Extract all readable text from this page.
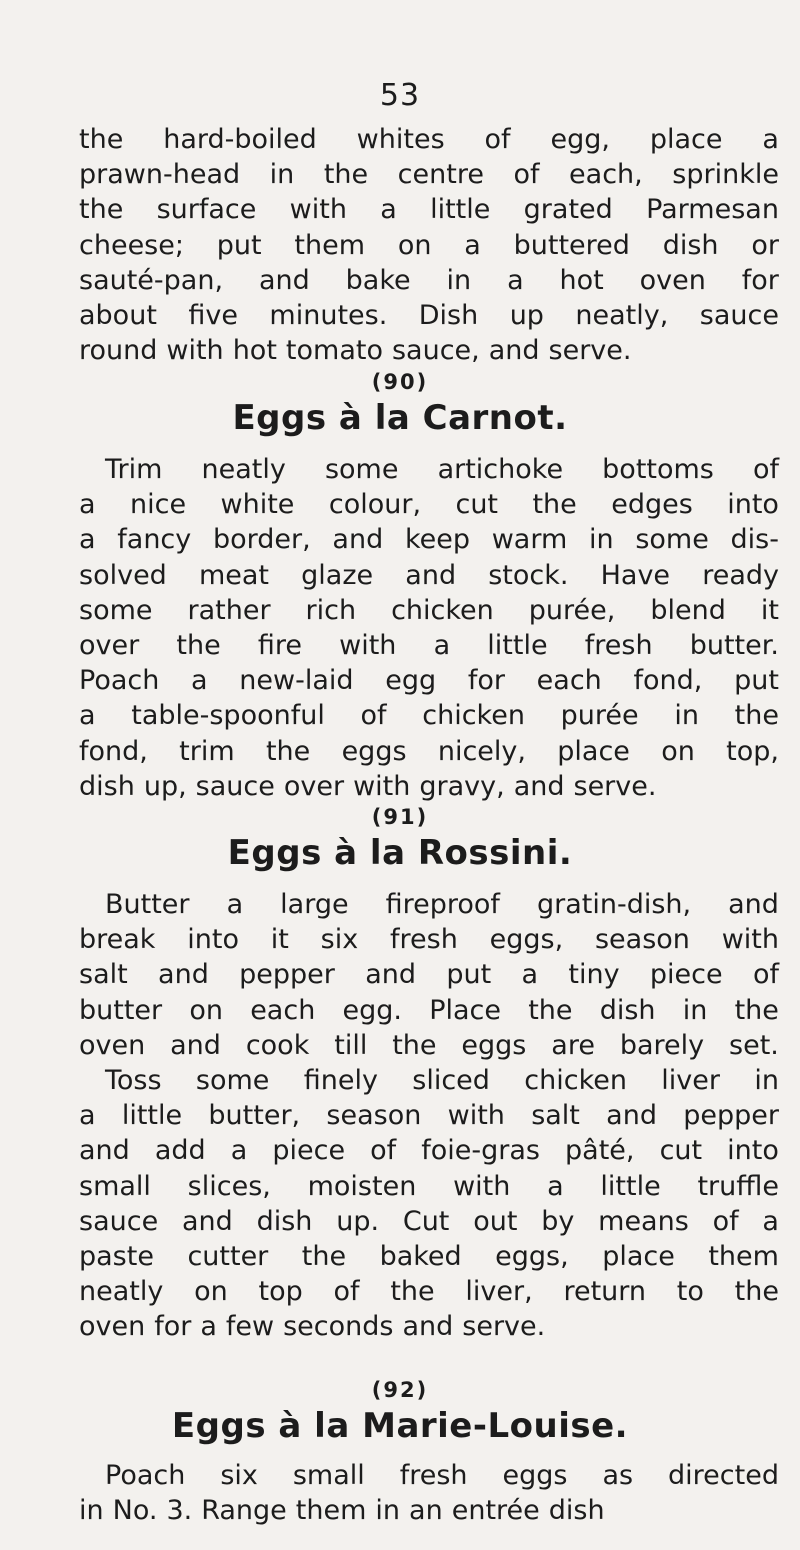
53
the hard-boiled whites of egg, place a
prawn-head in the centre of each, sprinkle
the surface with a little grated Parmesan
cheese; put them on a buttered dish or
sauté-pan, and bake in a hot oven for
about five minutes. Dish up neatly, sauce
round with hot tomato sauce, and serve.
(90)
Eggs à la Carnot.
Trim neatly some artichoke bottoms of
a nice white colour, cut the edges into
a fancy border, and keep warm in some dis-
solved meat glaze and stock. Have ready
some rather rich chicken purée, blend it
over the fire with a little fresh butter.
Poach a new-laid egg for each fond, put
a table-spoonful of chicken purée in the
fond, trim the eggs nicely, place on top,
dish up, sauce over with gravy, and serve.
(91)
Eggs à la Rossini.
Butter a large fireproof gratin-dish, and
break into it six fresh eggs, season with
salt and pepper and put a tiny piece of
butter on each egg. Place the dish in the
oven and cook till the eggs are barely set.
Toss some finely sliced chicken liver in
a little butter, season with salt and pepper
and add a piece of foie-gras pâté, cut into
small slices, moisten with a little truffle
sauce and dish up. Cut out by means of a
paste cutter the baked eggs, place them
neatly on top of the liver, return to the
oven for a few seconds and serve.
(92)
Eggs à la Marie-Louise.
Poach six small fresh eggs as directed
in No. 3. Range them in an entrée dish
